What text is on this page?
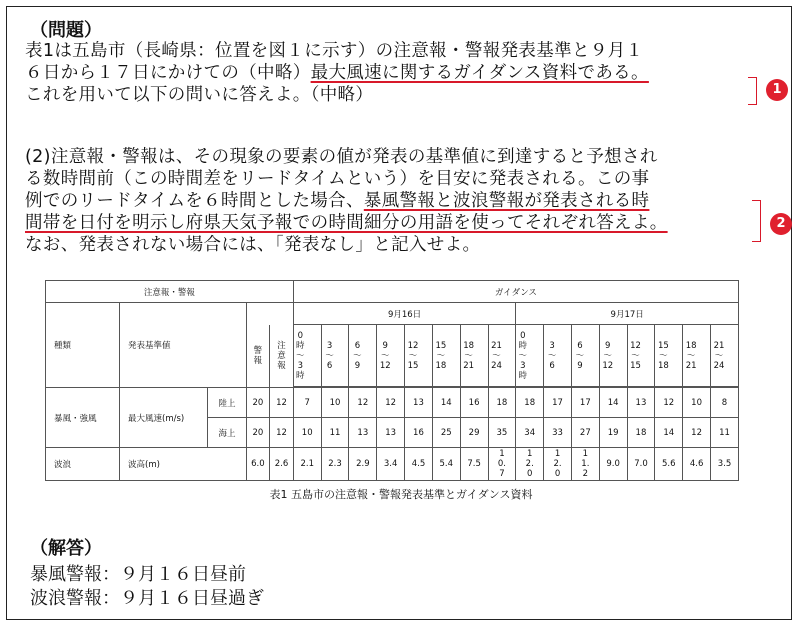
（問題）
表1は五島市（長崎県：位置を図１に示す）の注意報・警報発表基準と９月１
６日から１７日にかけての（中略）最大風速に関するガイダンス資料である。
これを用いて以下の問いに答えよ。（中略）	1
(2)注意報・警報は、その現象の要素の値が発表の基準値に到達すると予想され
る数時間前（この時間差をリードタイムという）を目安に発表される。この事
例でのリードタイムを６時間とした場合、暴風警報と波浪警報が発表される時
間帯を日付を明示し府県天気予報での時間細分の用語を使ってそれぞれ答えよ。
なお、発表されない場合には、「発表なし」と記入せよ。
2
注意報・警報					ガイダンス															
種類	発表基準値				9月16日								9月17日							

			警報	注意報	0時～3時	3～6	6～9	9～12	12～15	15～18	18～21	21～24	0時～3時	3～6	6～9	9～12	12～15	15～18	18～21	21～24

暴風・強風	最大風速(m/s)	陸上	20	12	7	10	12	12	13	14	16	18	18	17	17	14	13	12	10	8
		海上	20	12	10	11	13	13	16	25	29	35	34	33	27	19	18	14	12	11
波浪	波高(m)		6.0	2.6	2.1	2.3	2.9	3.4	4.5	5.4	7.5	10.7	12.0	12.0	11.2	9.0	7.0	5.6	4.6	3.5
表1 五島市の注意報・警報発表基準とガイダンス資料
（解答）
暴風警報：９月１６日昼前
波浪警報：９月１６日昼過ぎ
